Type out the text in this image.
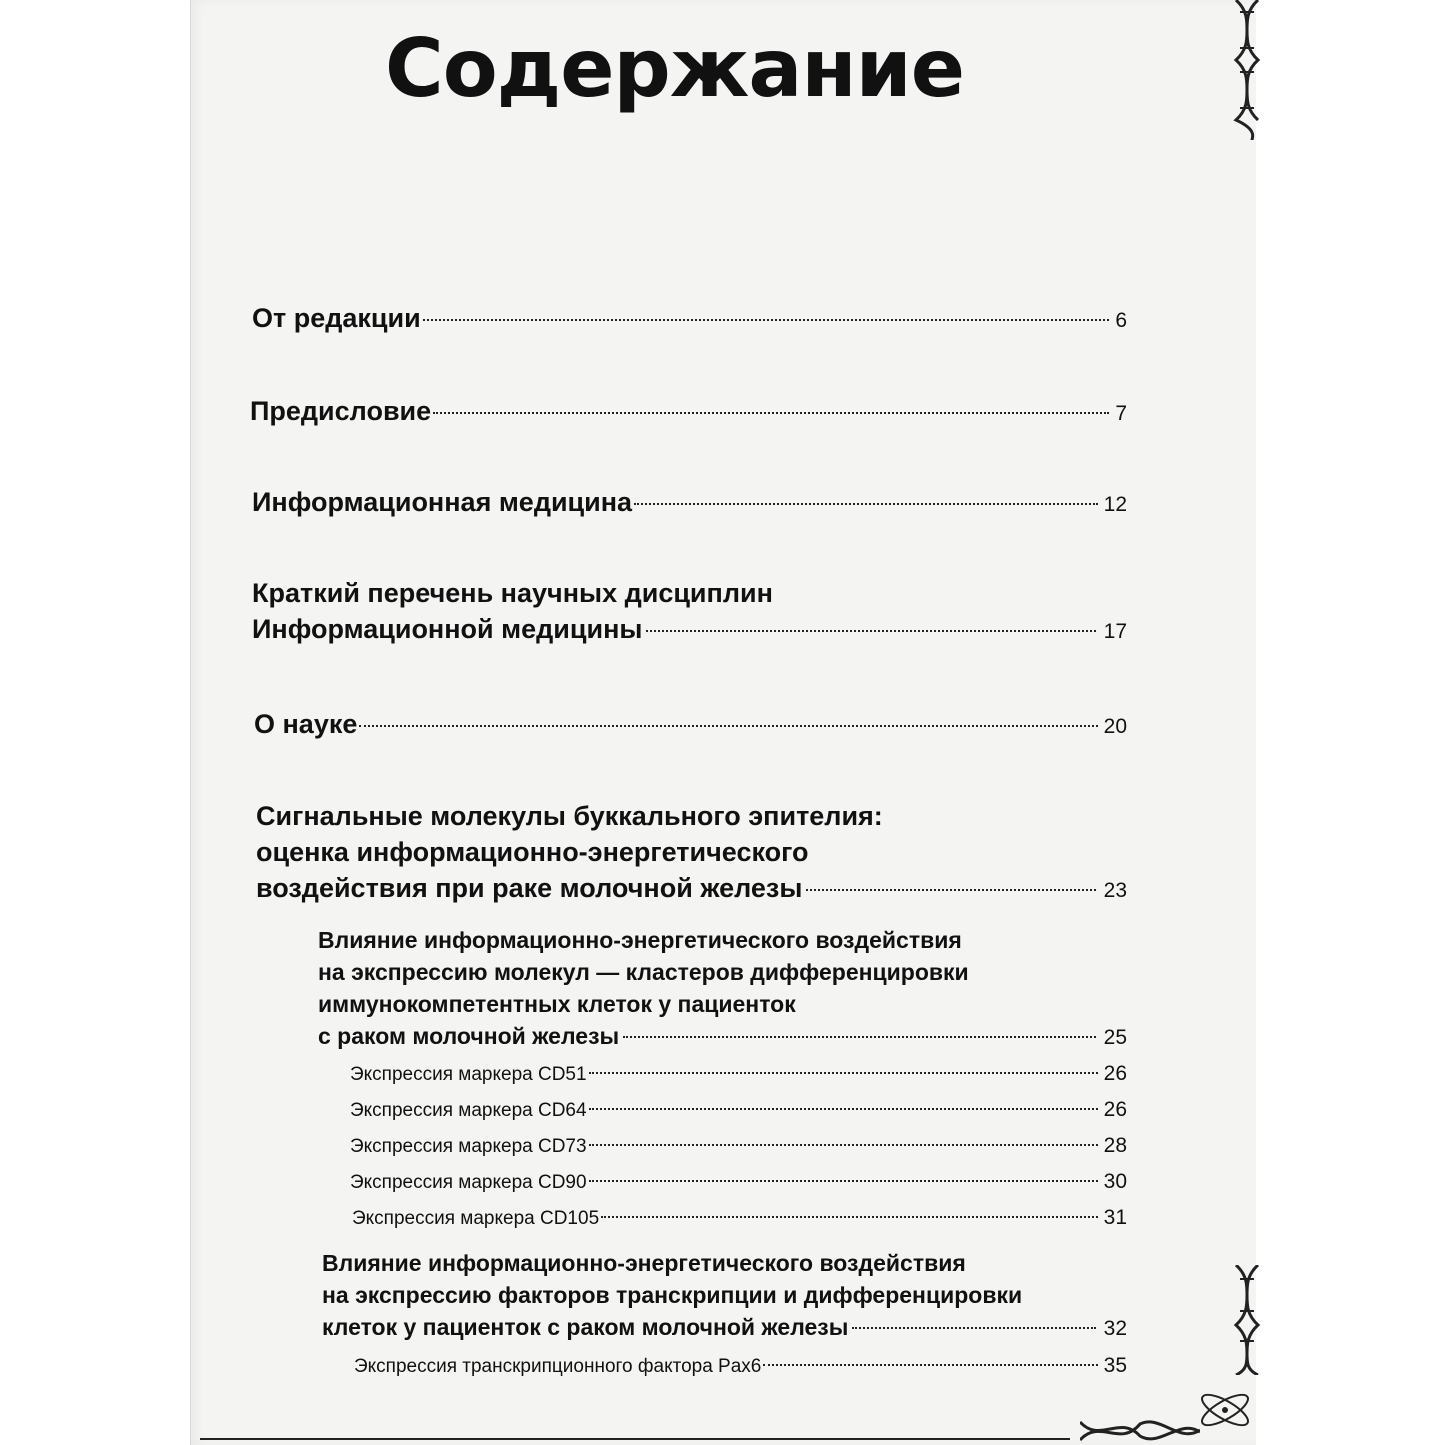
Содержание
От редакции	6
Предисловие	7
Информационная медицина	12
Краткий перечень научных дисциплин
Информационной медицины	17
О науке	20
Сигнальные молекулы буккального эпителия:
оценка информационно-энергетического
воздействия при раке молочной железы	23
Влияние информационно-энергетического воздействия
на экспрессию молекул — кластеров дифференцировки
иммунокомпетентных клеток у пациенток
с раком молочной железы	25
Экспрессия маркера CD51	26
Экспрессия маркера CD64	26
Экспрессия маркера CD73	28
Экспрессия маркера CD90	30
Экспрессия маркера CD105	31
Влияние информационно-энергетического воздействия
на экспрессию факторов транскрипции и дифференцировки
клеток у пациенток с раком молочной железы	32
Экспрессия транскрипционного фактора Pax6	35
